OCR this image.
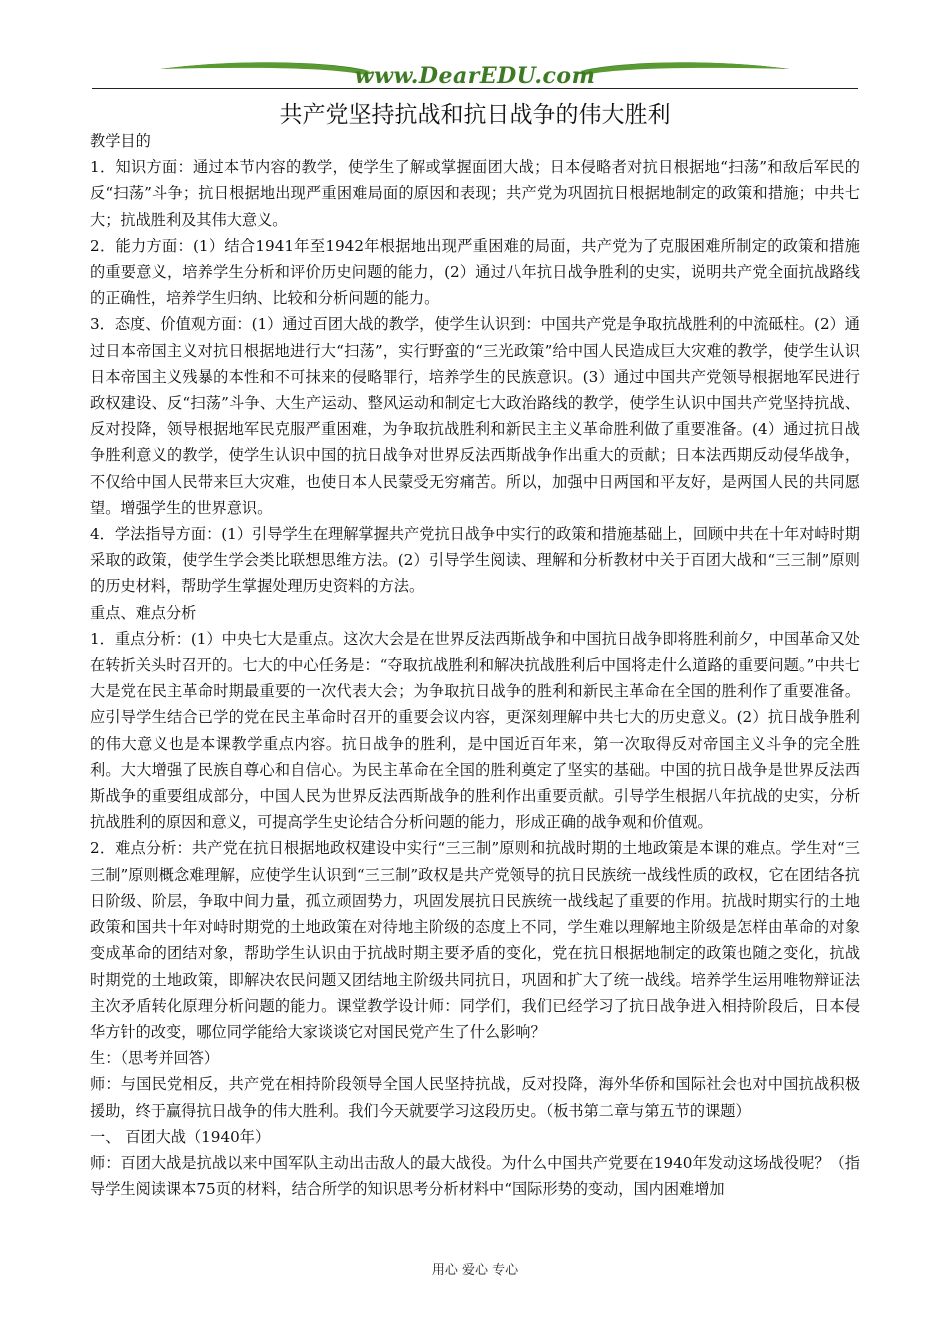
www.DearEDU.com
共产党坚持抗战和抗日战争的伟大胜利

教学目的

1．知识方面：通过本节内容的教学，使学生了解或掌握面团大战；日本侵略者对抗日根据地“扫荡”和敌后军民的反“扫荡”斗争；抗日根据地出现严重困难局面的原因和表现；共产党为巩固抗日根据地制定的政策和措施；中共七大；抗战胜利及其伟大意义。

2．能力方面：(1）结合1941年至1942年根据地出现严重困难的局面，共产党为了克服困难所制定的政策和措施的重要意义，培养学生分析和评价历史问题的能力，(2）通过八年抗日战争胜利的史实，说明共产党全面抗战路线的正确性，培养学生归纳、比较和分析问题的能力。

3．态度、价值观方面：(1）通过百团大战的教学，使学生认识到：中国共产党是争取抗战胜利的中流砥柱。(2）通过日本帝国主义对抗日根据地进行大“扫荡”，实行野蛮的“三光政策”给中国人民造成巨大灾难的教学，使学生认识日本帝国主义残暴的本性和不可抹来的侵略罪行，培养学生的民族意识。(3）通过中国共产党领导根据地军民进行政权建设、反“扫荡”斗争、大生产运动、整风运动和制定七大政治路线的教学，使学生认识中国共产党坚持抗战、反对投降，领导根据地军民克服严重困难，为争取抗战胜利和新民主主义革命胜利做了重要准备。(4）通过抗日战争胜利意义的教学，使学生认识中国的抗日战争对世界反法西斯战争作出重大的贡献；日本法西期反动侵华战争，不仅给中国人民带来巨大灾难，也使日本人民蒙受无穷痛苦。所以，加强中日两国和平友好，是两国人民的共同愿望。增强学生的世界意识。

4．学法指导方面：(1）引导学生在理解掌握共产党抗日战争中实行的政策和措施基础上，回顾中共在十年对峙时期采取的政策，使学生学会类比联想思维方法。(2）引导学生阅读、理解和分析教材中关于百团大战和“三三制”原则的历史材料，帮助学生掌握处理历史资料的方法。

重点、难点分析

1．重点分析：(1）中央七大是重点。这次大会是在世界反法西斯战争和中国抗日战争即将胜利前夕，中国革命又处在转折关头时召开的。七大的中心任务是：“夺取抗战胜利和解决抗战胜利后中国将走什么道路的重要问题。”中共七大是党在民主革命时期最重要的一次代表大会；为争取抗日战争的胜利和新民主革命在全国的胜利作了重要准备。应引导学生结合已学的党在民主革命时召开的重要会议内容，更深刻理解中共七大的历史意义。(2）抗日战争胜利的伟大意义也是本课教学重点内容。抗日战争的胜利，是中国近百年来，第一次取得反对帝国主义斗争的完全胜利。大大增强了民族自尊心和自信心。为民主革命在全国的胜利奠定了坚实的基础。中国的抗日战争是世界反法西斯战争的重要组成部分，中国人民为世界反法西斯战争的胜利作出重要贡献。引导学生根据八年抗战的史实，分析抗战胜利的原因和意义，可提高学生史论结合分析问题的能力，形成正确的战争观和价值观。

2．难点分析：共产党在抗日根据地政权建设中实行“三三制”原则和抗战时期的土地政策是本课的难点。学生对“三三制”原则概念难理解，应使学生认识到“三三制”政权是共产党领导的抗日民族统一战线性质的政权，它在团结各抗日阶级、阶层，争取中间力量，孤立顽固势力，巩固发展抗日民族统一战线起了重要的作用。抗战时期实行的土地政策和国共十年对峙时期党的土地政策在对待地主阶级的态度上不同，学生难以理解地主阶级是怎样由革命的对象变成革命的团结对象，帮助学生认识由于抗战时期主要矛盾的变化，党在抗日根据地制定的政策也随之变化，抗战时期党的土地政策，即解决农民问题又团结地主阶级共同抗日，巩固和扩大了统一战线。培养学生运用唯物辩证法主次矛盾转化原理分析问题的能力。课堂教学设计师：同学们，我们已经学习了抗日战争进入相持阶段后，日本侵华方针的改变，哪位同学能给大家谈谈它对国民党产生了什么影响？

生：（思考并回答）

师：与国民党相反，共产党在相持阶段领导全国人民坚持抗战，反对投降，海外华侨和国际社会也对中国抗战积极援助，终于赢得抗日战争的伟大胜利。我们今天就要学习这段历史。（板书第二章与第五节的课题）

一、 百团大战（1940年）

师：百团大战是抗战以来中国军队主动出击敌人的最大战役。为什么中国共产党要在1940年发动这场战役呢？（指导学生阅读课本75页的材料，结合所学的知识思考分析材料中“国际形势的变动，国内困难增加

用心 爱心 专心
